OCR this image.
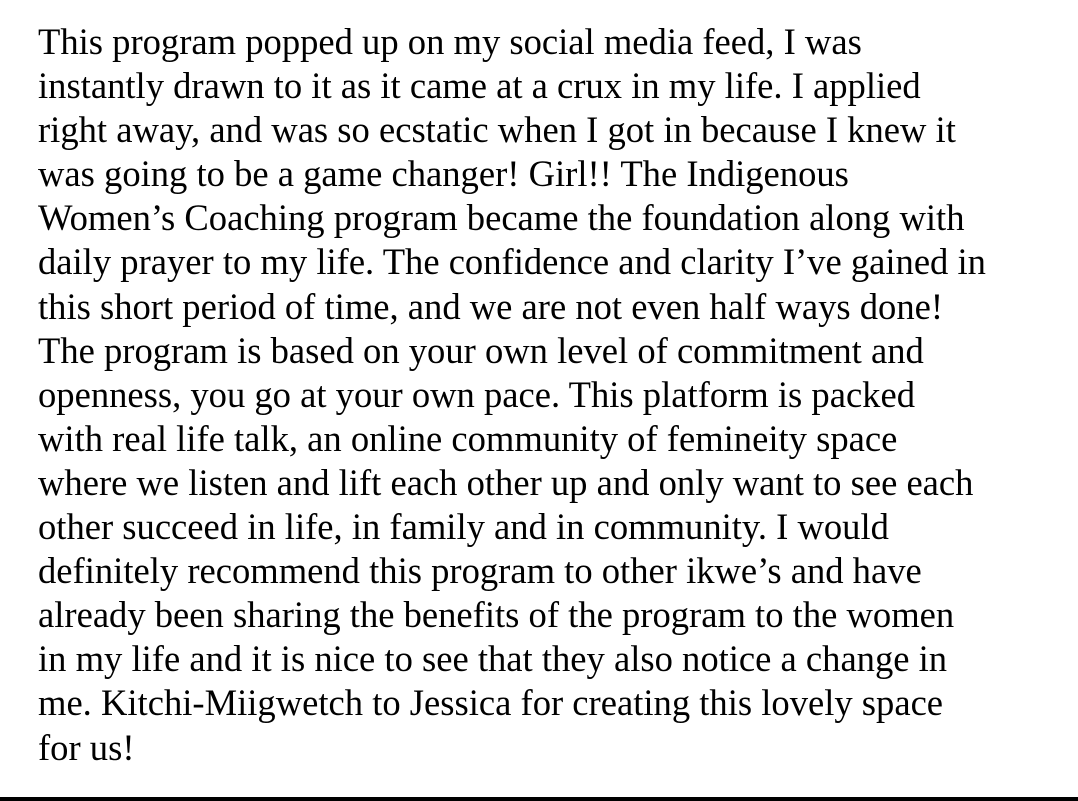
This program popped up on my social media feed, I was
instantly drawn to it as it came at a crux in my life. I applied
right away, and was so ecstatic when I got in because I knew it
was going to be a game changer! Girl!! The Indigenous
Women’s Coaching program became the foundation along with
daily prayer to my life. The confidence and clarity I’ve gained in
this short period of time, and we are not even half ways done!
The program is based on your own level of commitment and
openness, you go at your own pace. This platform is packed
with real life talk, an online community of femineity space
where we listen and lift each other up and only want to see each
other succeed in life, in family and in community. I would
definitely recommend this program to other ikwe’s and have
already been sharing the benefits of the program to the women
in my life and it is nice to see that they also notice a change in
me. Kitchi-Miigwetch to Jessica for creating this lovely space
for us!
